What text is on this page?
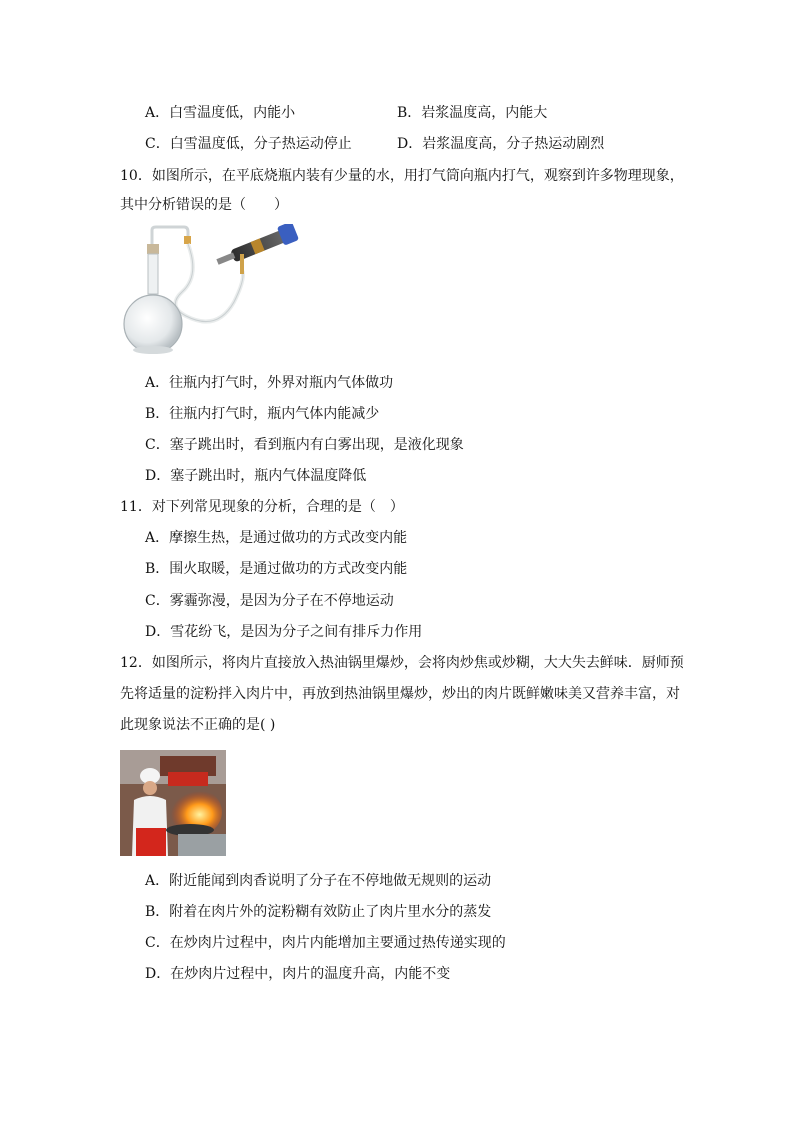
A．白雪温度低，内能小	B．岩浆温度高，内能大
C．白雪温度低，分子热运动停止	D．岩浆温度高，分子热运动剧烈
10．如图所示，在平底烧瓶内装有少量的水，用打气筒向瓶内打气，观察到许多物理现象，
其中分析错误的是（　　）
A．往瓶内打气时，外界对瓶内气体做功
B．往瓶内打气时，瓶内气体内能减少
C．塞子跳出时，看到瓶内有白雾出现，是液化现象
D．塞子跳出时，瓶内气体温度降低
11．对下列常见现象的分析，合理的是（　）
A．摩擦生热，是通过做功的方式改变内能
B．围火取暖，是通过做功的方式改变内能
C．雾霾弥漫，是因为分子在不停地运动
D．雪花纷飞，是因为分子之间有排斥力作用
12．如图所示，将肉片直接放入热油锅里爆炒，会将肉炒焦或炒糊，大大失去鲜味．厨师预
先将适量的淀粉拌入肉片中，再放到热油锅里爆炒，炒出的肉片既鲜嫩味美又营养丰富，对
此现象说法不正确的是( )
A．附近能闻到肉香说明了分子在不停地做无规则的运动
B．附着在肉片外的淀粉糊有效防止了肉片里水分的蒸发
C．在炒肉片过程中，肉片内能增加主要通过热传递实现的
D．在炒肉片过程中，肉片的温度升高，内能不变
